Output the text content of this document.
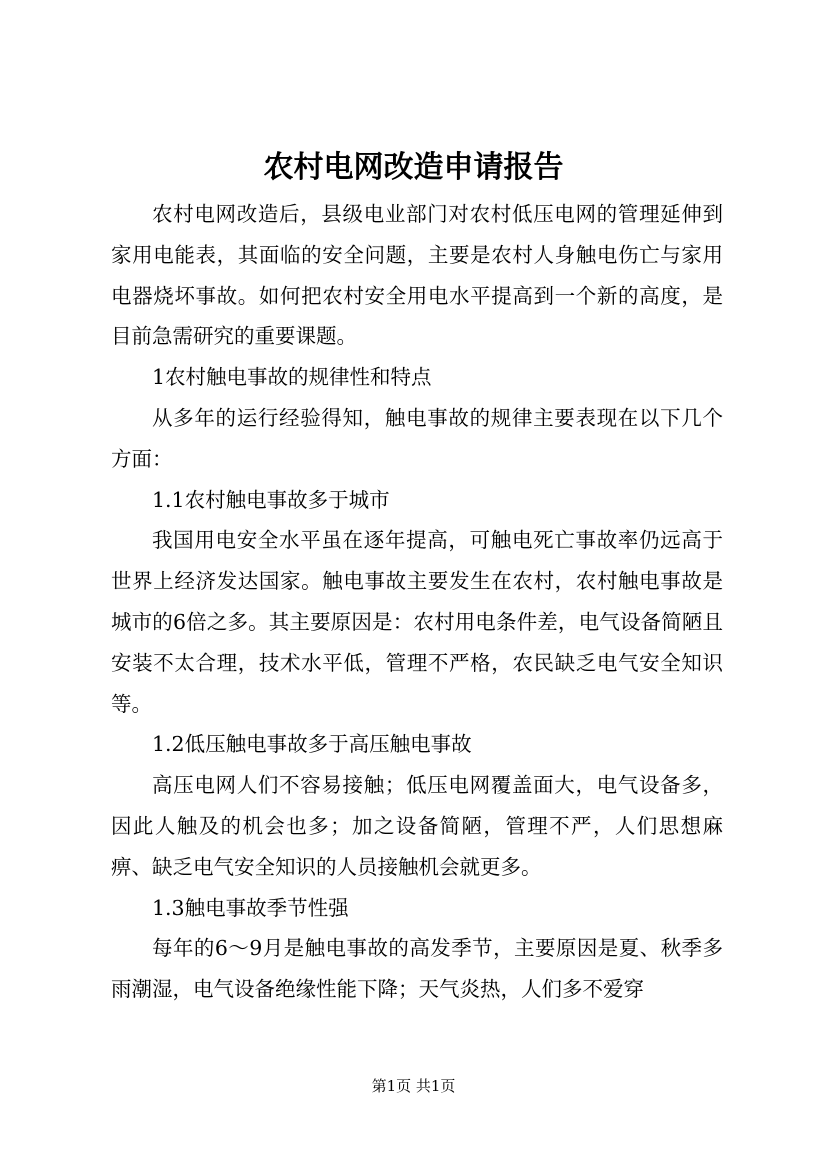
农村电网改造申请报告

农村电网改造后，县级电业部门对农村低压电网的管理延伸到家用电能表，其面临的安全问题，主要是农村人身触电伤亡与家用电器烧坏事故。如何把农村安全用电水平提高到一个新的高度，是目前急需研究的重要课题。

1农村触电事故的规律性和特点

从多年的运行经验得知，触电事故的规律主要表现在以下几个方面：

1.1农村触电事故多于城市

我国用电安全水平虽在逐年提高，可触电死亡事故率仍远高于世界上经济发达国家。触电事故主要发生在农村，农村触电事故是城市的6倍之多。其主要原因是：农村用电条件差，电气设备简陋且安装不太合理，技术水平低，管理不严格，农民缺乏电气安全知识等。

1.2低压触电事故多于高压触电事故

高压电网人们不容易接触；低压电网覆盖面大，电气设备多，因此人触及的机会也多；加之设备简陋，管理不严，人们思想麻痹、缺乏电气安全知识的人员接触机会就更多。

1.3触电事故季节性强

每年的6～9月是触电事故的高发季节，主要原因是夏、秋季多雨潮湿，电气设备绝缘性能下降；天气炎热，人们多不爱穿

第1页 共1页
